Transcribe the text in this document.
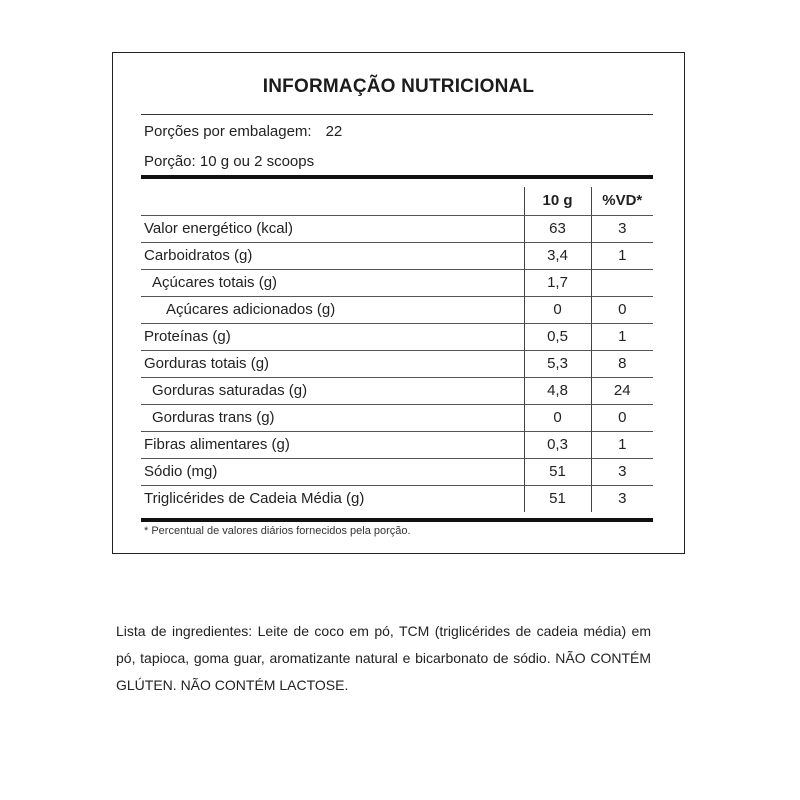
INFORMAÇÃO NUTRICIONAL
Porções por embalagem: 22
Porção: 10 g ou 2 scoops
	10 g	%VD*
Valor energético (kcal)	63	3
Carboidratos (g)	3,4	1
Açúcares totais (g)	1,7	
Açúcares adicionados (g)	0	0
Proteínas (g)	0,5	1
Gorduras totais (g)	5,3	8
Gorduras saturadas (g)	4,8	24
Gorduras trans (g)	0	0
Fibras alimentares (g)	0,3	1
Sódio (mg)	51	3
Triglicérides de Cadeia Média (g)	51	3
* Percentual de valores diários fornecidos pela porção.
Lista de ingredientes: Leite de coco em pó, TCM (triglicérides de cadeia média) em pó, tapioca, goma guar, aromatizante natural e bicarbonato de sódio. NÃO CONTÉM GLÚTEN. NÃO CONTÉM LACTOSE.
